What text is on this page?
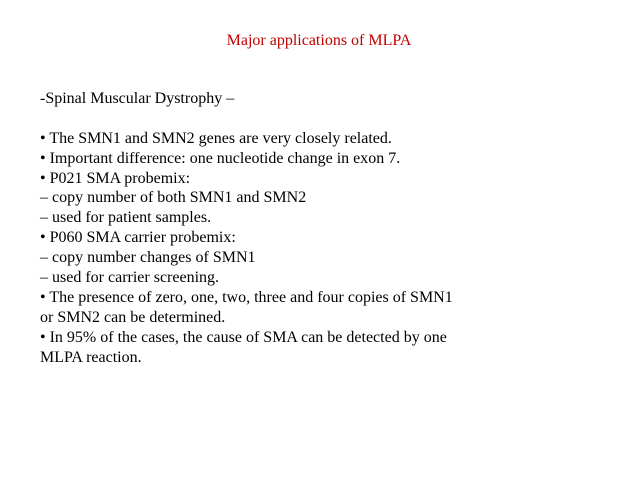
Major applications of MLPA
-Spinal Muscular Dystrophy –
• The SMN1 and SMN2 genes are very closely related.
• Important difference: one nucleotide change in exon 7.
• P021 SMA probemix:
– copy number of both SMN1 and SMN2
– used for patient samples.
• P060 SMA carrier probemix:
– copy number changes of SMN1
– used for carrier screening.
• The presence of zero, one, two, three and four copies of SMN1
or SMN2 can be determined.
• In 95% of the cases, the cause of SMA can be detected by one
MLPA reaction.
